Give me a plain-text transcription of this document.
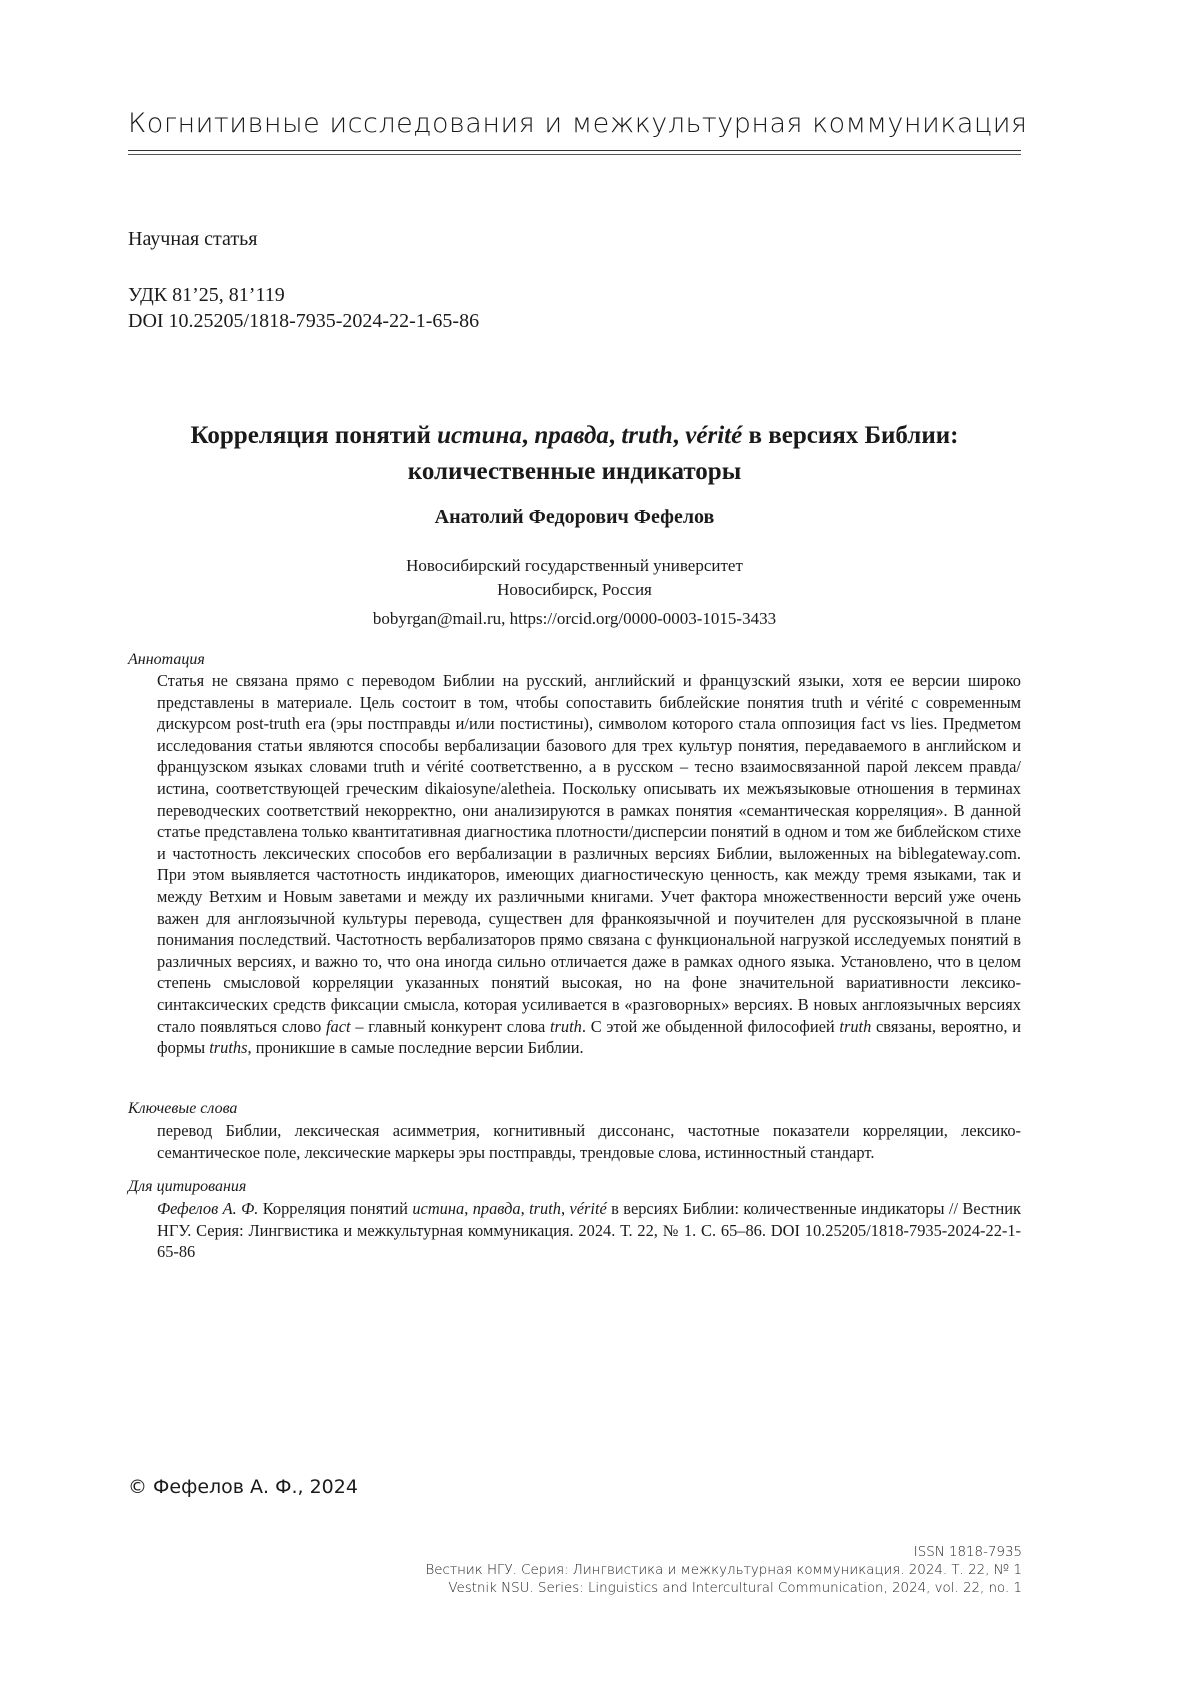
Когнитивные исследования и межкультурная коммуникация
Научная статья
УДК 81’25, 81’119
DOI 10.25205/1818-7935-2024-22-1-65-86
Корреляция понятий истина, правда, truth, vérité в версиях Библии:
количественные индикаторы
Анатолий Федорович Фефелов
Новосибирский государственный университет
Новосибирск, Россия
bobyrgan@mail.ru, https://orcid.org/0000-0003-1015-3433
Аннотация
Статья не связана прямо с переводом Библии на русский, английский и французский языки, хотя ее версии широко представлены в материале. Цель состоит в том, чтобы сопоставить библейские понятия truth и vérité с современным дискурсом post-truth era (эры постправды и/или постистины), символом которого стала оппозиция fact vs lies. Предметом исследования статьи являются способы вербализации базового для трех культур понятия, передаваемого в английском и французском языках словами truth и vérité соответственно, а в русском – тесно взаимосвязанной парой лексем правда/истина, соответствующей греческим dikaiosyne/aletheia. Поскольку описывать их межъязыковые отношения в терминах переводческих соответствий некорректно, они анализируются в рамках понятия «семантическая корреляция». В данной статье представлена только квантитативная диагностика плотности/дисперсии понятий в одном и том же библейском стихе и частотность лексических способов его вербализации в различных версиях Библии, выложенных на biblegateway.com. При этом выявляется частотность индикаторов, имеющих диагностическую ценность, как между тремя языками, так и между Ветхим и Новым заветами и между их различными книгами. Учет фактора множественности версий уже очень важен для англоязычной культуры перевода, существен для франкоязычной и поучителен для русскоязычной в плане понимания последствий. Частотность вербализаторов прямо связана с функциональной нагрузкой исследуемых понятий в различных версиях, и важно то, что она иногда сильно отличается даже в рамках одного языка. Установлено, что в целом степень смысловой корреляции указанных понятий высокая, но на фоне значительной вариативности лексико-синтаксических средств фиксации смысла, которая усиливается в «разговорных» версиях. В новых англоязычных версиях стало появляться слово fact – главный конкурент слова truth. С этой же обыденной философией truth связаны, вероятно, и формы truths, проникшие в самые последние версии Библии.
Ключевые слова
перевод Библии, лексическая асимметрия, когнитивный диссонанс, частотные показатели корреляции, лексико-семантическое поле, лексические маркеры эры постправды, трендовые слова, истинностный стандарт.
Для цитирования
Фефелов А. Ф. Корреляция понятий истина, правда, truth, vérité в версиях Библии: количественные индикаторы // Вестник НГУ. Серия: Лингвистика и межкультурная коммуникация. 2024. Т. 22, № 1. С. 65–86. DOI 10.25205/1818-7935-2024-22-1-65-86
© Фефелов А. Ф., 2024
ISSN 1818-7935
Вестник НГУ. Серия: Лингвистика и межкультурная коммуникация. 2024. Т. 22, № 1
Vestnik NSU. Series: Linguistics and Intercultural Communication, 2024, vol. 22, no. 1
